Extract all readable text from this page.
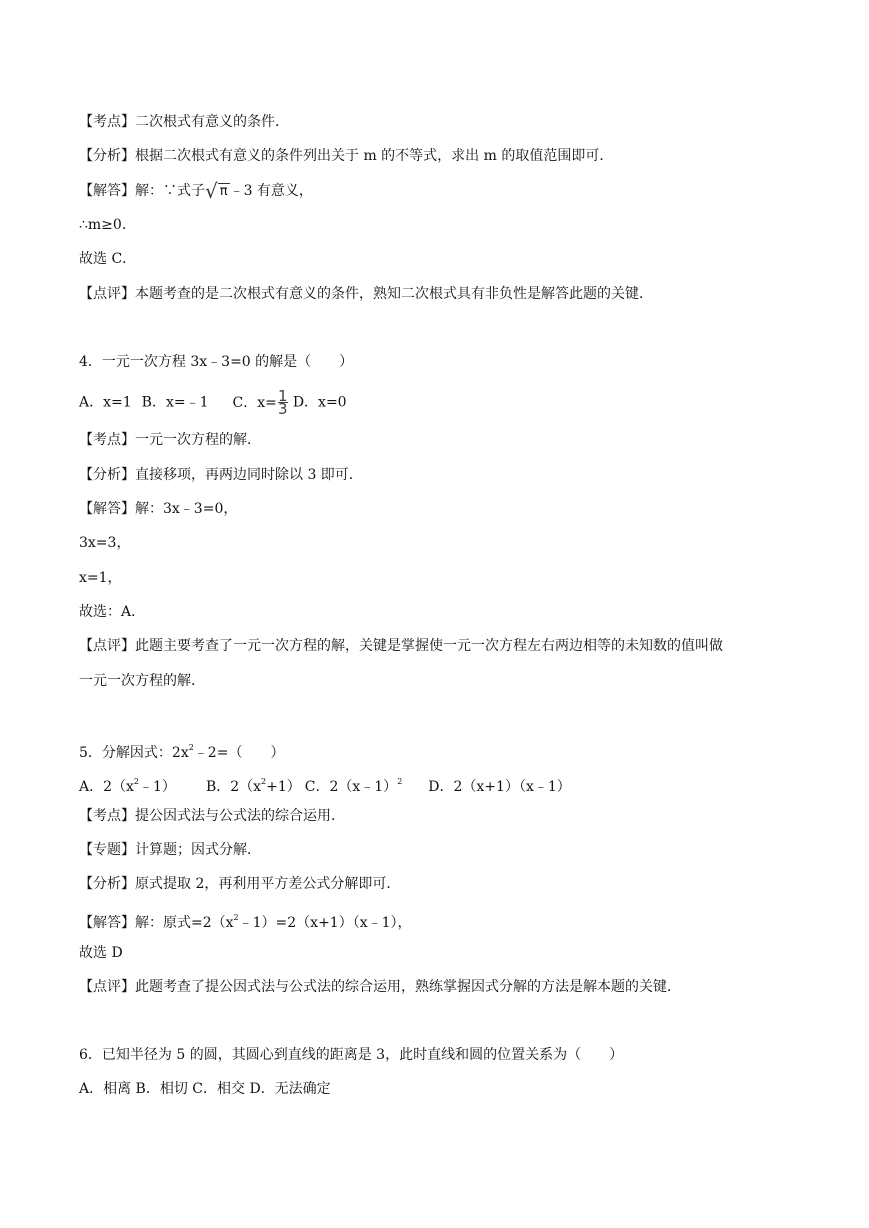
【考点】二次根式有意义的条件．
【分析】根据二次根式有意义的条件列出关于 m 的不等式，求出 m 的取值范围即可．
【解答】解：∵式子√ π ﹣3 有意义，
∴m≥0．
故选 C．
【点评】本题考查的是二次根式有意义的条件，熟知二次根式具有非负性是解答此题的关键．
4．一元一次方程 3x﹣3=0 的解是（　　）
A．x=1 B．x=﹣1 C．$x= \frac{1}{3}$ D．x=0
【考点】一元一次方程的解．
【分析】直接移项，再两边同时除以 3 即可．
【解答】解：3x﹣3=0，
3x=3，
x=1，
故选：A．
【点评】此题主要考查了一元一次方程的解，关键是掌握使一元一次方程左右两边相等的未知数的值叫做
一元一次方程的解．
5．分解因式：$2x^2﹣2=$（　　）
A．$2(x^2﹣1)$ B．$2(x^2+1)$ C．2（x﹣1）$^2$ D．2（x+1）（x﹣1）
【考点】提公因式法与公式法的综合运用．
【专题】计算题；因式分解．
【分析】原式提取 2，再利用平方差公式分解即可．
【解答】解：原式$=2(x^2﹣1)=2(x+1)(x﹣1)$，
故选 D
【点评】此题考查了提公因式法与公式法的综合运用，熟练掌握因式分解的方法是解本题的关键．
6．已知半径为 5 的圆，其圆心到直线的距离是 3，此时直线和圆的位置关系为（　　）
A．相离 B．相切 C．相交 D．无法确定
